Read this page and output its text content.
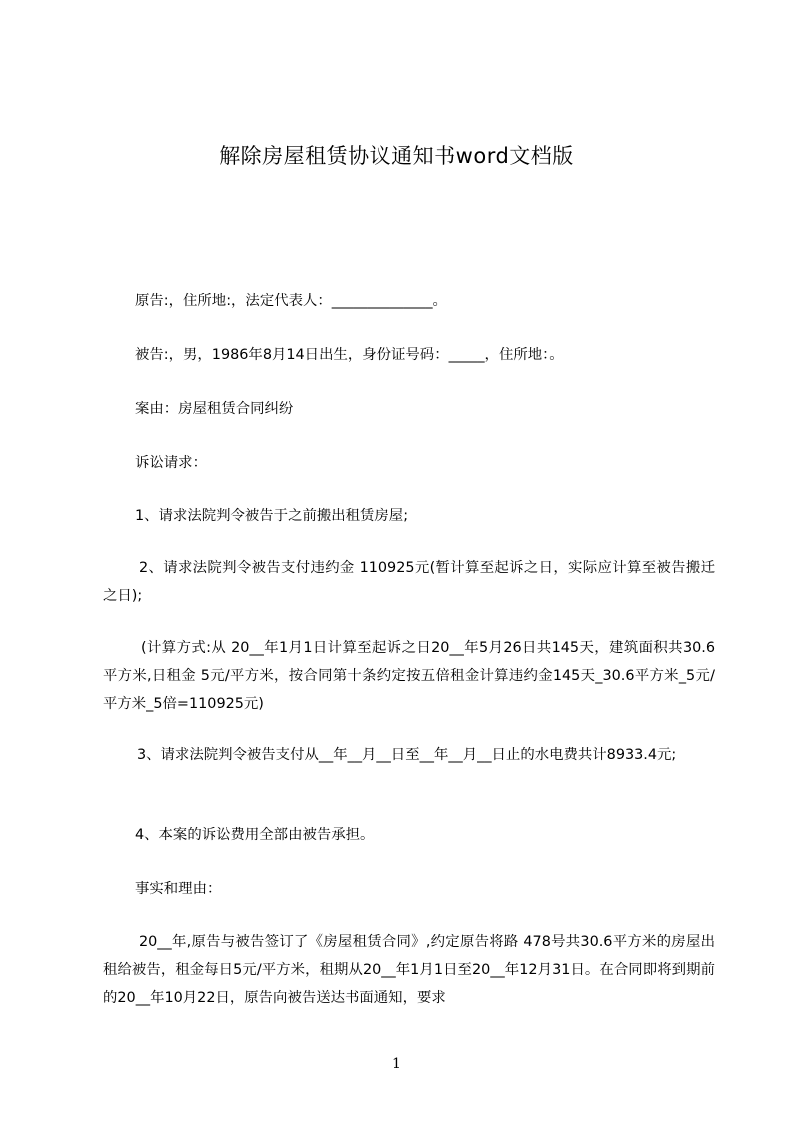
解除房屋租赁协议通知书word文档版
原告:，住所地:，法定代表人：______________。
被告:，男，1986年8月14日出生，身份证号码：_____，住所地：。
案由：房屋租赁合同纠纷
诉讼请求：
1、请求法院判令被告于之前搬出租赁房屋;
2、请求法院判令被告支付违约金 110925元(暂计算至起诉之日，实际应计算至被告搬迁之日);
(计算方式:从 20__年1月1日计算至起诉之日20__年5月26日共145天，建筑面积共30.6平方米,日租金 5元/平方米，按合同第十条约定按五倍租金计算违约金145天_30.6平方米_5元/平方米_5倍=110925元)
3、请求法院判令被告支付从__年__月__日至__年__月__日止的水电费共计8933.4元;
4、本案的诉讼费用全部由被告承担。
事实和理由：
20__年,原告与被告签订了《房屋租赁合同》,约定原告将路 478号共30.6平方米的房屋出租给被告，租金每日5元/平方米，租期从20__年1月1日至20__年12月31日。在合同即将到期前的20__年10月22日，原告向被告送达书面通知，要求
1
